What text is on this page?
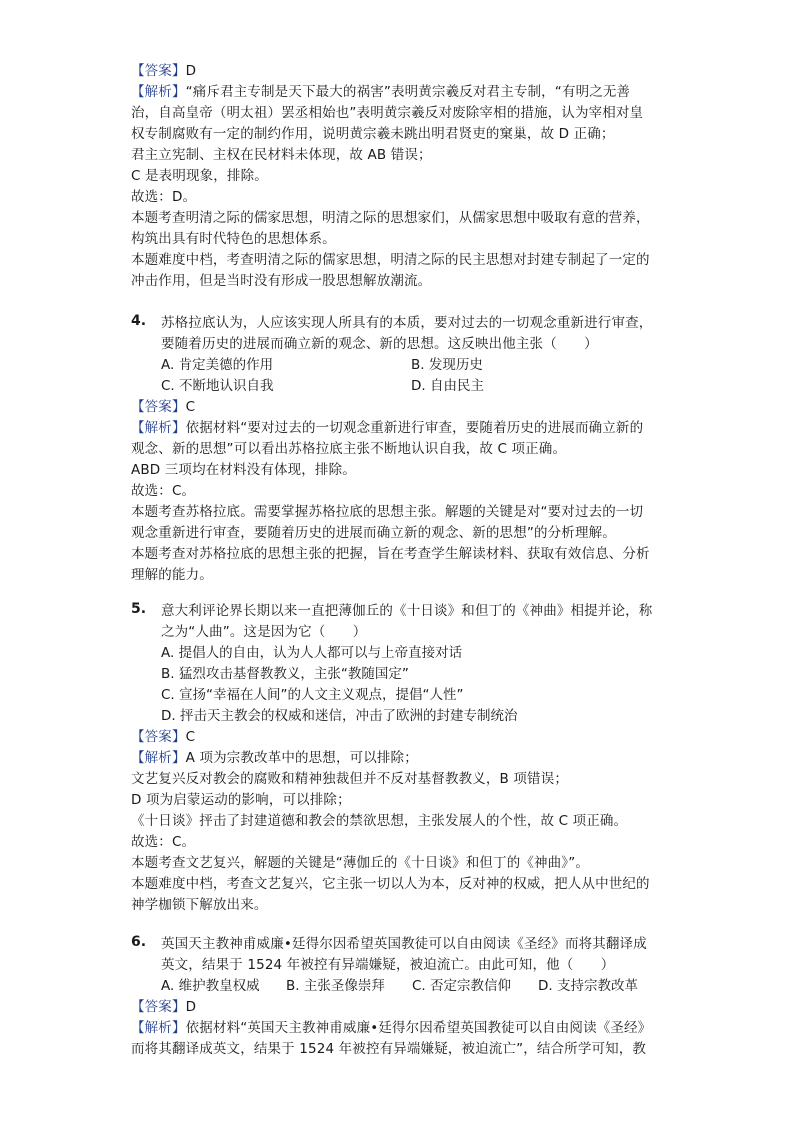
【答案】D
【解析】“痛斥君主专制是天下最大的祸害”表明黄宗羲反对君主专制，“有明之无善
治，自高皇帝（明太祖）罢丞相始也”表明黄宗羲反对废除宰相的措施，认为宰相对皇
权专制腐败有一定的制约作用，说明黄宗羲未跳出明君贤吏的窠巢，故 D 正确；
君主立宪制、主权在民材料未体现，故 AB 错误；
C 是表明现象，排除。
故选：D。
本题考查明清之际的儒家思想，明清之际的思想家们，从儒家思想中吸取有意的营养，
构筑出具有时代特色的思想体系。
本题难度中档，考查明清之际的儒家思想，明清之际的民主思想对封建专制起了一定的
冲击作用，但是当时没有形成一股思想解放潮流。
4. 苏格拉底认为，人应该实现人所具有的本质，要对过去的一切观念重新进行审查，
要随着历史的进展而确立新的观念、新的思想。这反映出他主张（　　）
A. 肯定美德的作用	B. 发现历史
C. 不断地认识自我	D. 自由民主
【答案】C
【解析】依据材料“要对过去的一切观念重新进行审查，要随着历史的进展而确立新的
观念、新的思想”可以看出苏格拉底主张不断地认识自我，故 C 项正确。
ABD 三项均在材料没有体现，排除。
故选：C。
本题考查苏格拉底。需要掌握苏格拉底的思想主张。解题的关键是对“要对过去的一切
观念重新进行审查，要随着历史的进展而确立新的观念、新的思想”的分析理解。
本题考查对苏格拉底的思想主张的把握，旨在考查学生解读材料、获取有效信息、分析
理解的能力。
5. 意大利评论界长期以来一直把薄伽丘的《十日谈》和但丁的《神曲》相提并论，称
之为“人曲”。这是因为它（　　）
A. 提倡人的自由，认为人人都可以与上帝直接对话
B. 猛烈攻击基督教教义，主张“教随国定”
C. 宣扬“幸福在人间”的人文主义观点，提倡“人性”
D. 抨击天主教会的权威和迷信，冲击了欧洲的封建专制统治
【答案】C
【解析】A 项为宗教改革中的思想，可以排除；
文艺复兴反对教会的腐败和精神独裁但并不反对基督教教义，B 项错误；
D 项为启蒙运动的影响，可以排除；
《十日谈》抨击了封建道德和教会的禁欲思想，主张发展人的个性，故 C 项正确。
故选：C。
本题考查文艺复兴，解题的关键是“薄伽丘的《十日谈》和但丁的《神曲》”。
本题难度中档，考查文艺复兴，它主张一切以人为本，反对神的权威，把人从中世纪的
神学枷锁下解放出来。
6. 英国天主教神甫威廉•廷得尔因希望英国教徒可以自由阅读《圣经》而将其翻译成
英文，结果于 1524 年被控有异端嫌疑，被迫流亡。由此可知，他（　　）
A. 维护教皇权威 B. 主张圣像崇拜 C. 否定宗教信仰 D. 支持宗教改革
【答案】D
【解析】依据材料“英国天主教神甫威廉•廷得尔因希望英国教徒可以自由阅读《圣经》
而将其翻译成英文，结果于 1524 年被控有异端嫌疑，被迫流亡”，结合所学可知，教
